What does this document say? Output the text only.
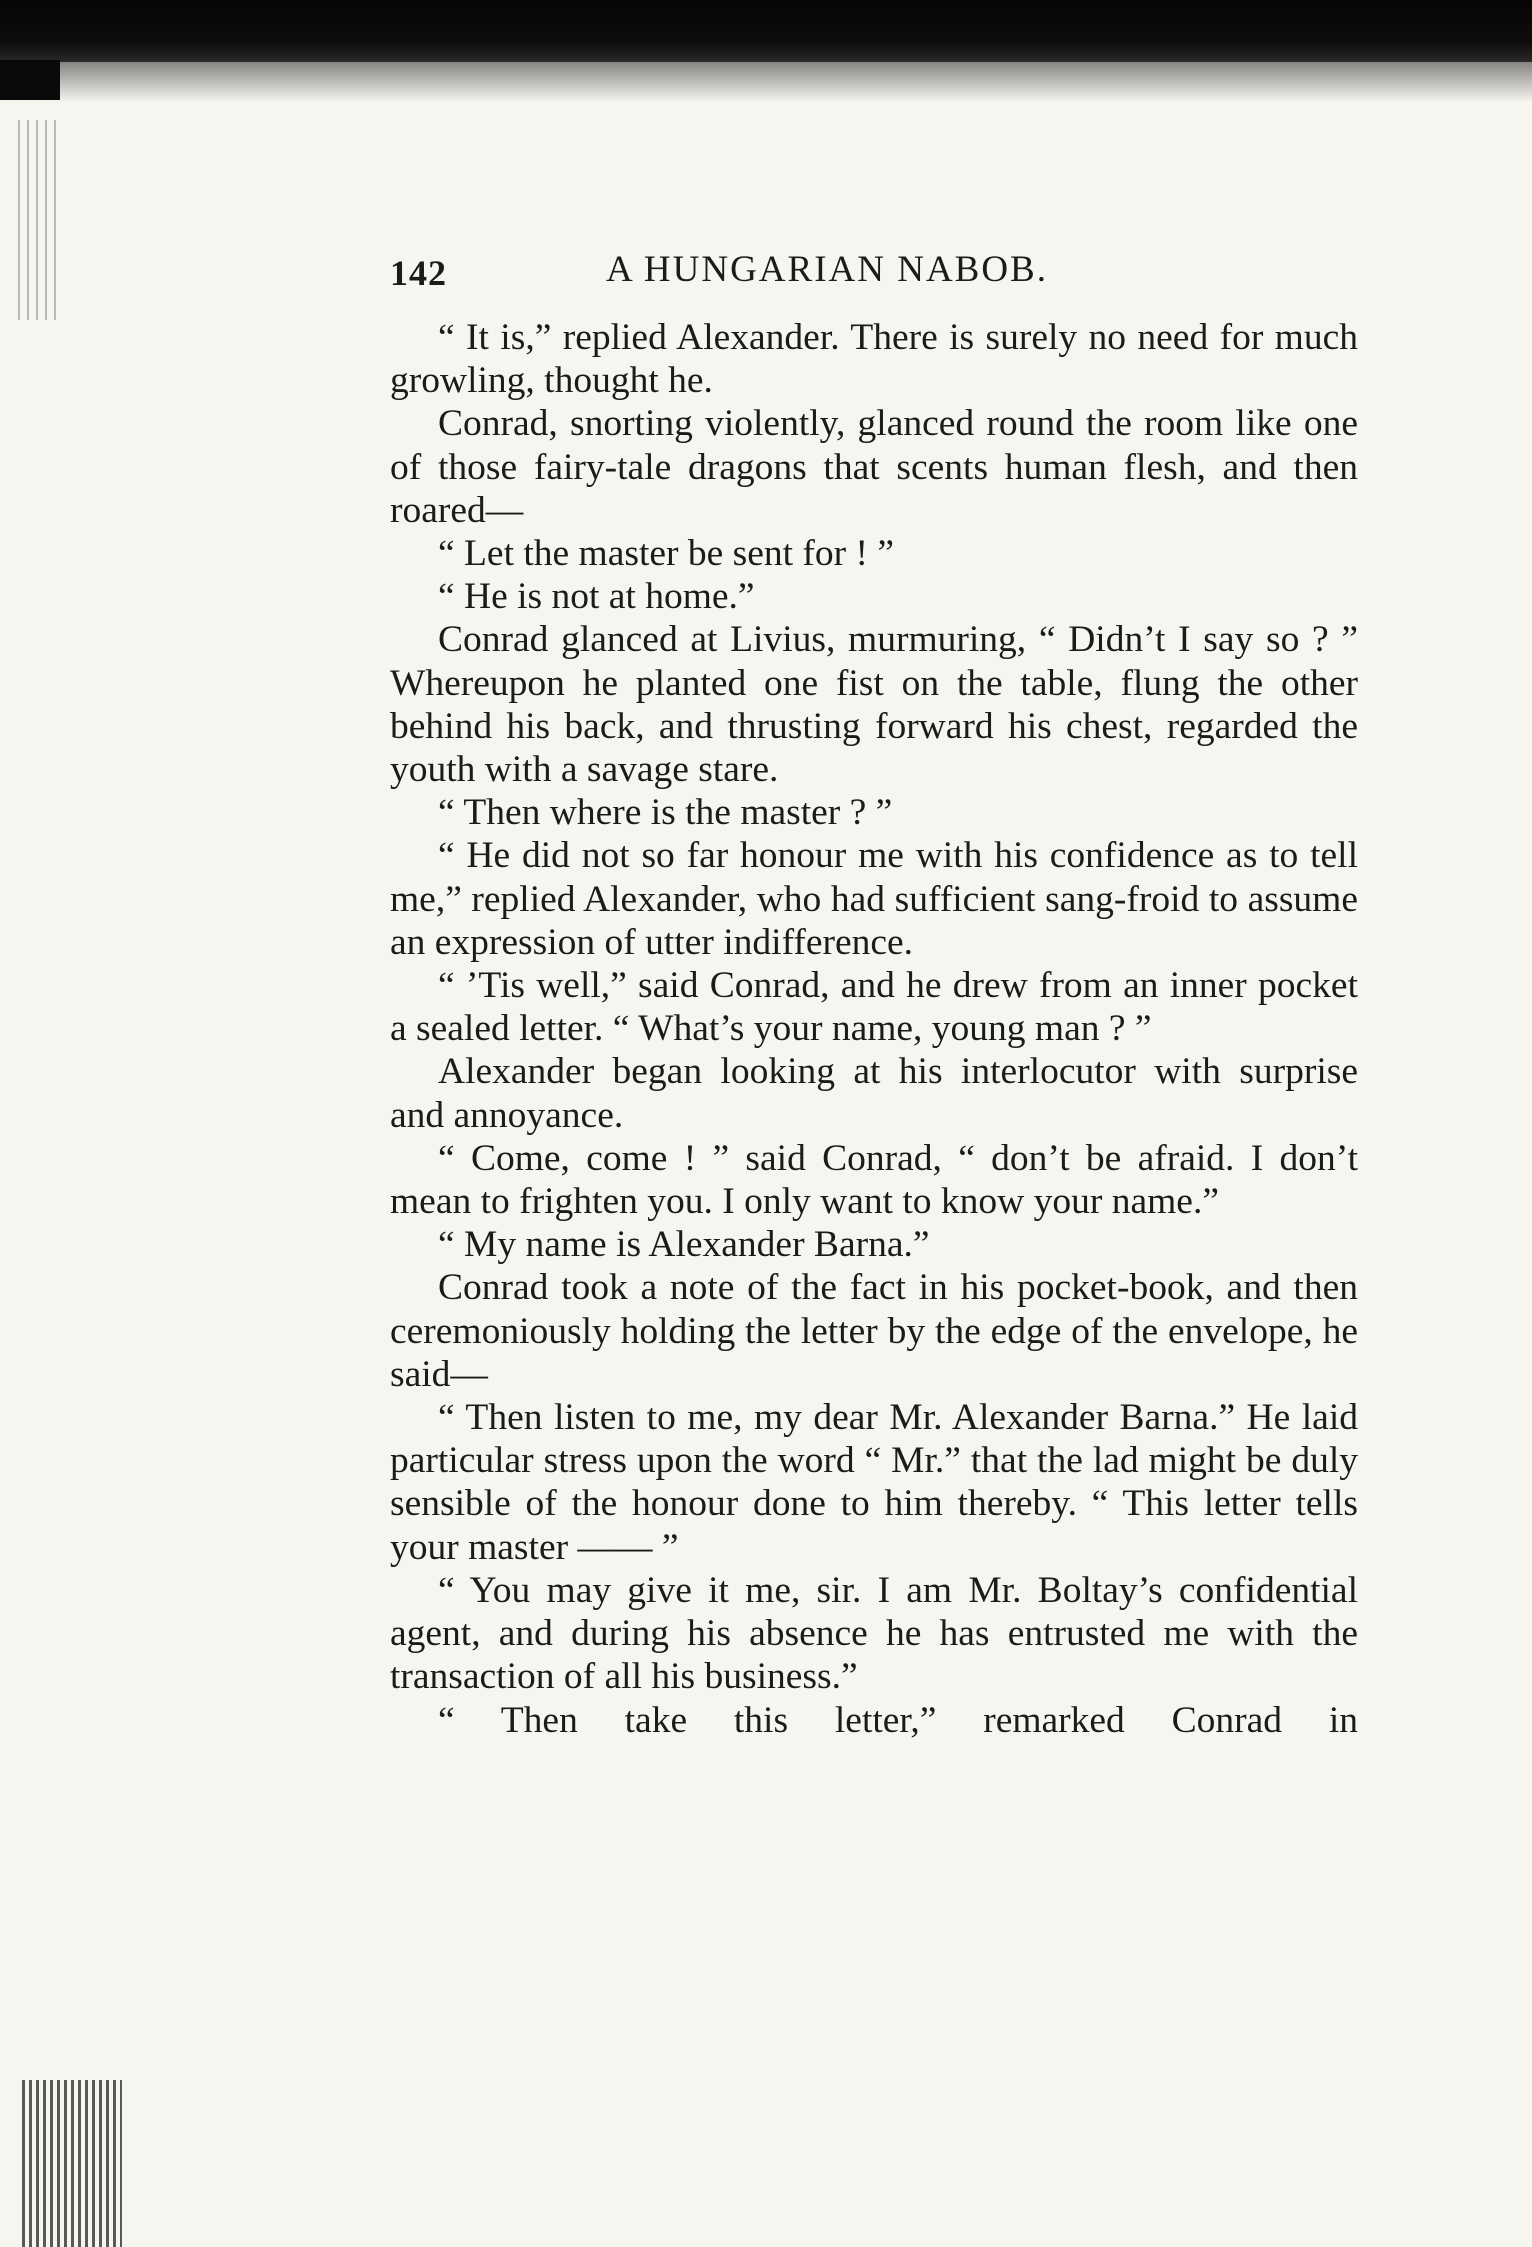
142	A HUNGARIAN NABOB.

“ It is,” replied Alexander. There is surely no need for much growling, thought he.

Conrad, snorting violently, glanced round the room like one of those fairy-tale dragons that scents human flesh, and then roared—

“ Let the master be sent for ! ”

“ He is not at home.”

Conrad glanced at Livius, murmuring, “ Didn’t I say so ? ” Whereupon he planted one fist on the table, flung the other behind his back, and thrusting forward his chest, regarded the youth with a savage stare.

“ Then where is the master ? ”

“ He did not so far honour me with his confidence as to tell me,” replied Alexander, who had sufficient sang-froid to assume an expression of utter indifference.

“ ’Tis well,” said Conrad, and he drew from an inner pocket a sealed letter. “ What’s your name, young man ? ”

Alexander began looking at his interlocutor with surprise and annoyance.

“ Come, come ! ” said Conrad, “ don’t be afraid. I don’t mean to frighten you. I only want to know your name.”

“ My name is Alexander Barna.”

Conrad took a note of the fact in his pocket-book, and then ceremoniously holding the letter by the edge of the envelope, he said—

“ Then listen to me, my dear Mr. Alexander Barna.” He laid particular stress upon the word “ Mr.” that the lad might be duly sensible of the honour done to him thereby. “ This letter tells your master —— ”

“ You may give it me, sir. I am Mr. Boltay’s confidential agent, and during his absence he has entrusted me with the transaction of all his business.”

“ Then take this letter,” remarked Conrad in
